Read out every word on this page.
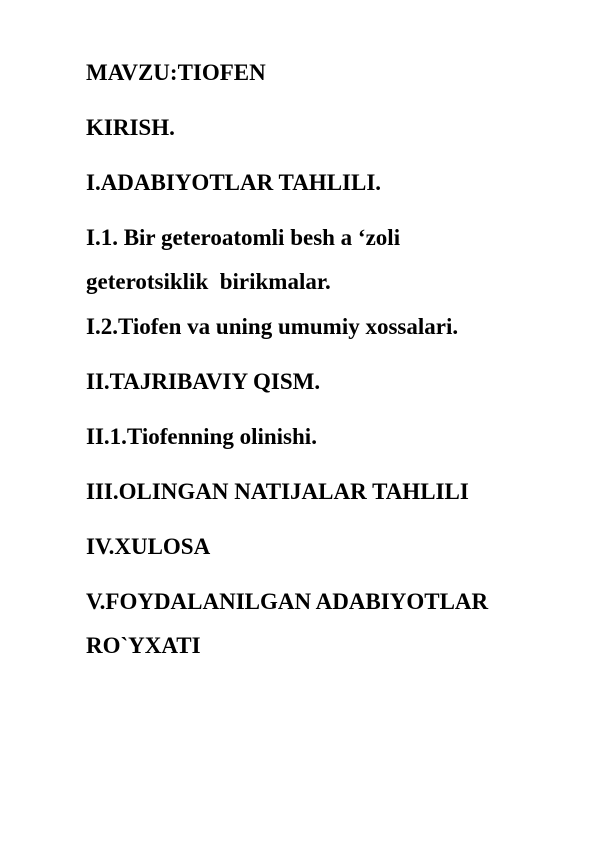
MAVZU:TIOFEN

KIRISH.

I.ADABIYOTLAR TAHLILI.

I.1. Bir geteroatomli besh a ‘zoli

geterotsiklik  birikmalar.

I.2.Tiofen va uning umumiy xossalari.

II.TAJRIBAVIY QISM.

II.1.Tiofenning olinishi.

III.OLINGAN NATIJALAR TAHLILI

IV.XULOSA

V.FOYDALANILGAN ADABIYOTLAR

RO`YXATI
